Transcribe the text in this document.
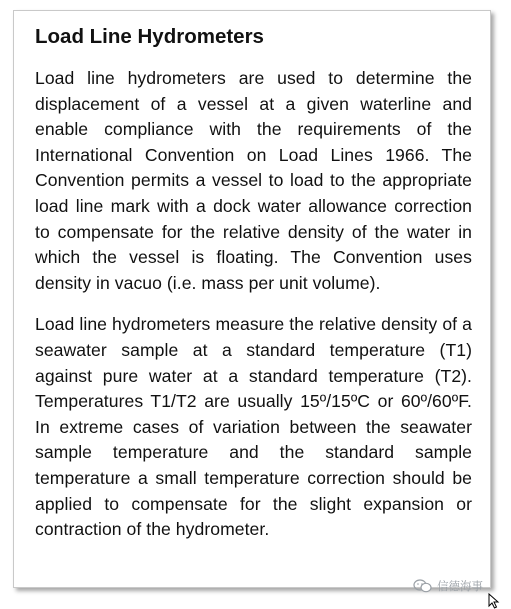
Load Line Hydrometers

Load line hydrometers are used to determine the displacement of a vessel at a given waterline and enable compliance with the requirements of the International Convention on Load Lines 1966. The Convention permits a vessel to load to the appropriate load line mark with a dock water allowance correction to compensate for the relative density of the water in which the vessel is floating. The Convention uses density in vacuo (i.e. mass per unit volume).

Load line hydrometers measure the relative density of a seawater sample at a standard temperature (T1) against pure water at a standard temperature (T2). Temperatures T1/T2 are usually 15º/15ºC or 60º/60ºF. In extreme cases of variation between the seawater sample temperature and the standard sample temperature a small temperature correction should be applied to compensate for the slight expansion or contraction of the hydrometer.

信德海事
